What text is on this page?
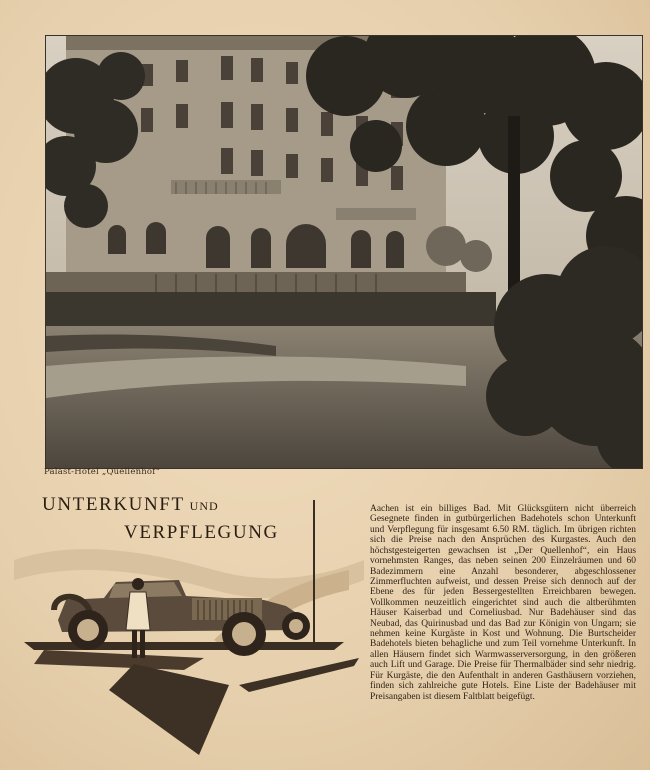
Palast-Hotel „Quellenhof“
UNTERKUNFT UND
VERPFLEGUNG

Aachen ist ein billiges Bad. Mit Glücksgütern nicht überreich Gesegnete finden in gutbürgerlichen Badehotels schon Unterkunft und Verpflegung für insgesamt 6.50 RM. täglich. Im übrigen richten sich die Preise nach den Ansprüchen des Kurgastes. Auch den höchstgesteigerten gewachsen ist „Der Quellenhof“, ein Haus vornehmsten Ranges, das neben seinen 200 Einzelräumen und 60 Badezimmern eine Anzahl besonderer, abgeschlossener Zimmerfluchten aufweist, und dessen Preise sich dennoch auf der Ebene des für jeden Bessergestellten Erreichbaren bewegen. Vollkommen neuzeitlich eingerichtet sind auch die altberühmten Häuser Kaiserbad und Corneliusbad. Nur Badehäuser sind das Neubad, das Quirinusbad und das Bad zur Königin von Ungarn; sie nehmen keine Kurgäste in Kost und Wohnung. Die Burtscheider Badehotels bieten behagliche und zum Teil vornehme Unterkunft. In allen Häusern findet sich Warmwasserversorgung, in den größeren auch Lift und Garage. Die Preise für Thermalbäder sind sehr niedrig. Für Kurgäste, die den Aufenthalt in anderen Gasthäusern vorziehen, finden sich zahlreiche gute Hotels. Eine Liste der Badehäuser mit Preisangaben ist diesem Faltblatt beigefügt.
